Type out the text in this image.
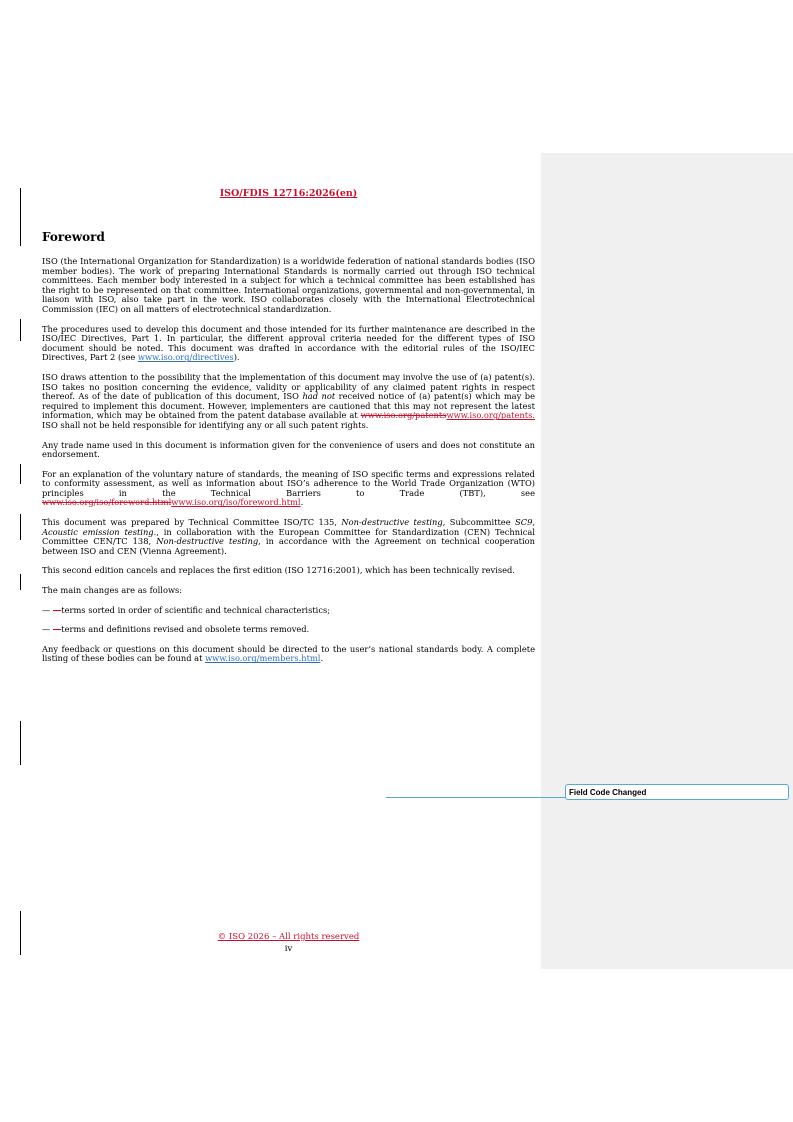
ISO/FDIS 12716:2026(en)
Foreword

ISO (the International Organization for Standardization) is a worldwide federation of national standards bodies (ISO member bodies). The work of preparing International Standards is normally carried out through ISO technical committees. Each member body interested in a subject for which a technical committee has been established has the right to be represented on that committee. International organizations, governmental and non-governmental, in liaison with ISO, also take part in the work. ISO collaborates closely with the International Electrotechnical Commission (IEC) on all matters of electrotechnical standardization.

The procedures used to develop this document and those intended for its further maintenance are described in the ISO/IEC Directives, Part 1. In particular, the different approval criteria needed for the different types of ISO document should be noted. This document was drafted in accordance with the editorial rules of the ISO/IEC Directives, Part 2 (see www.iso.org/directives).

ISO draws attention to the possibility that the implementation of this document may involve the use of (a) patent(s). ISO takes no position concerning the evidence, validity or applicability of any claimed patent rights in respect thereof. As of the date of publication of this document, ISO had not received notice of (a) patent(s) which may be required to implement this document. However, implementers are cautioned that this may not represent the latest information, which may be obtained from the patent database available at www.iso.org/patentswww.iso.org/patents. ISO shall not be held responsible for identifying any or all such patent rights.

Any trade name used in this document is information given for the convenience of users and does not constitute an endorsement.

For an explanation of the voluntary nature of standards, the meaning of ISO specific terms and expressions related to conformity assessment, as well as information about ISO’s adherence to the World Trade Organization (WTO) principles in the Technical Barriers to Trade (TBT), see www.iso.org/iso/foreword.htmlwww.iso.org/iso/foreword.html.

This document was prepared by Technical Committee ISO/TC 135, Non-destructive testing, Subcommittee SC9, Acoustic emission testing., in collaboration with the European Committee for Standardization (CEN) Technical Committee CEN/TC 138, Non-destructive testing, in accordance with the Agreement on technical cooperation between ISO and CEN (Vienna Agreement).

This second edition cancels and replaces the first edition (ISO 12716:2001), which has been technically revised.

The main changes are as follows:

— —terms sorted in order of scientific and technical characteristics;

— —terms and definitions revised and obsolete terms removed.

Any feedback or questions on this document should be directed to the user’s national standards body. A complete listing of these bodies can be found at www.iso.org/members.html.

Field Code Changed
© ISO 2026 – All rights reserved
iv
